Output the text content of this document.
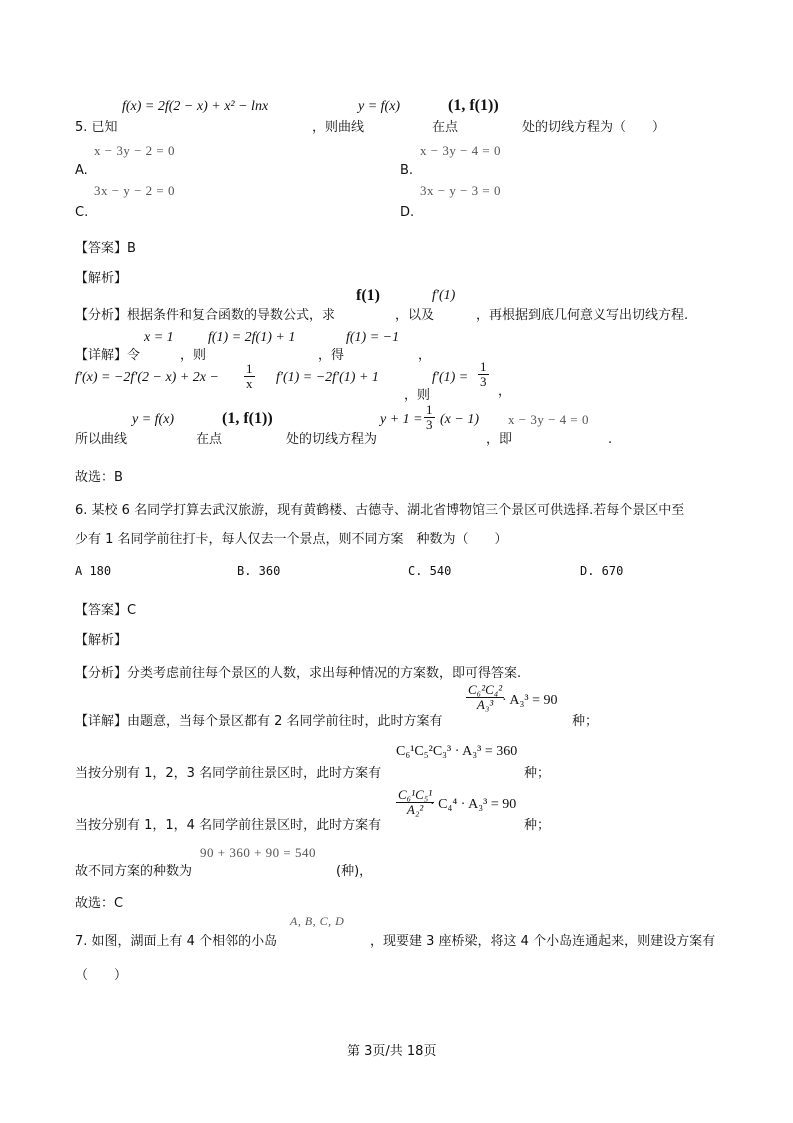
f(x) = 2f(2 − x) + x² − lnx	y = f(x)	(1, f(1))
5. 已知	，则曲线	在点	处的切线方程为（　　）
x − 3y − 2 = 0
A.
x − 3y − 4 = 0
B.
3x − y − 2 = 0
C.
3x − y − 3 = 0
D.
【答案】B
【解析】
f(1)	f′(1)
【分析】根据条件和复合函数的导数公式，求	，以及	，再根据到底几何意义写出切线方程.
x = 1 f(1) = 2f(1) + 1	f(1) = −1
【详解】令	，则	，得	，
$f'(x) = -2f'(2 - x) + 2x - \frac{1}{x} f'(1) = -2f'(1) + 1$	$f'(1) = \frac{1}{3}$
，
，则
y = f(x)	(1, f(1))	$y + 1 = \frac{1}{3} (x - 1) x - 3y - 4 = 0$
所以曲线	在点	处的切线方程为	，即	.
故选：B
6. 某校 6 名同学打算去武汉旅游，现有黄鹤楼、古德寺、湖北省博物馆三个景区可供选择.若每个景区中至
少有 1 名同学前往打卡，每人仅去一个景点，则不同方案　种数为（　　）
A 180	B. 360	C. 540	D. 670
【答案】C
【解析】
【分析】分类考虑前往每个景区的人数，求出每种情况的方案数，即可得答案.
$\frac{\text{C₆²C₄²}}{\text{A₃³}}$
· A₃³ = 90
【详解】由题意，当每个景区都有 2 名同学前往时，此时方案有	种；
C₆¹C₅²C₃³ · A₃³ = 360
当按分别有 1，2，3 名同学前往景区时，此时方案有	种；
$\frac{\text{C₆¹C₅¹}}{\text{A₂²}}$
· C₄⁴ · A₃³ = 90
当按分别有 1，1，4 名同学前往景区时，此时方案有	种；
90 + 360 + 90 = 540
故不同方案的种数为	(种)，
故选：C
A, B, C, D
7. 如图，湖面上有 4 个相邻的小岛	，现要建 3 座桥梁，将这 4 个小岛连通起来，则建设方案有
（　　）
第 3页/共 18页
